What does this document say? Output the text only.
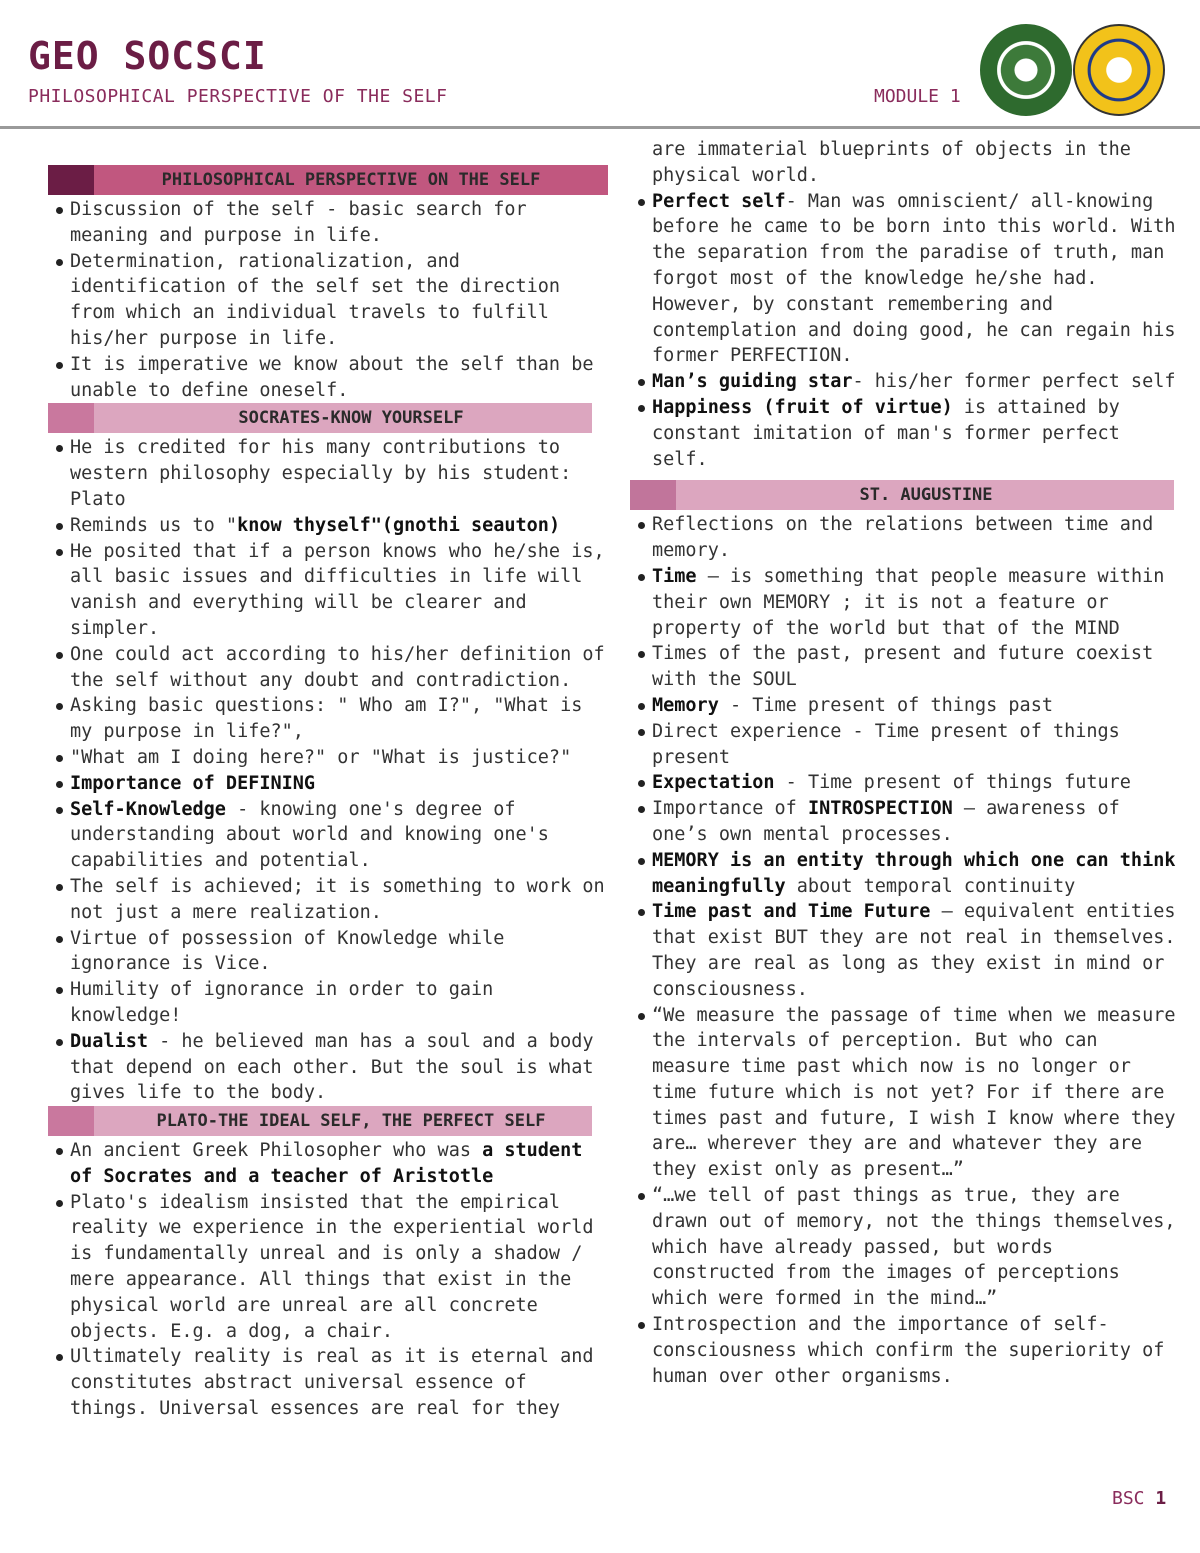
GEO SOCSCI
PHILOSOPHICAL PERSPECTIVE OF THE SELF	MODULE 1
PHILOSOPHICAL PERSPECTIVE ON THE SELF
Discussion of the self - basic search for meaning and purpose in life.
Determination, rationalization, and identification of the self set the direction from which an individual travels to fulfill his/her purpose in life.
It is imperative we know about the self than be unable to define oneself.
SOCRATES-KNOW YOURSELF
He is credited for his many contributions to western philosophy especially by his student: Plato
Reminds us to "know thyself"(gnothi seauton)
He posited that if a person knows who he/she is, all basic issues and difficulties in life will vanish and everything will be clearer and simpler.
One could act according to his/her definition of the self without any doubt and contradiction.
Asking basic questions: " Who am I?", "What is my purpose in life?",
"What am I doing here?" or "What is justice?"
Importance of DEFINING
Self-Knowledge - knowing one's degree of understanding about world and knowing one's capabilities and potential.
The self is achieved; it is something to work on not just a mere realization.
Virtue of possession of Knowledge while ignorance is Vice.
Humility of ignorance in order to gain knowledge!
Dualist - he believed man has a soul and a body that depend on each other. But the soul is what gives life to the body.
PLATO-THE IDEAL SELF, THE PERFECT SELF
An ancient Greek Philosopher who was a student of Socrates and a teacher of Aristotle
Plato's idealism insisted that the empirical reality we experience in the experiential world is fundamentally unreal and is only a shadow / mere appearance. All things that exist in the physical world are unreal are all concrete objects. E.g. a dog, a chair.
Ultimately reality is real as it is eternal and constitutes abstract universal essence of things. Universal essences are real for they
are immaterial blueprints of objects in the physical world.
Perfect self- Man was omniscient/ all-knowing before he came to be born into this world. With the separation from the paradise of truth, man forgot most of the knowledge he/she had. However, by constant remembering and contemplation and doing good, he can regain his former PERFECTION.
Man’s guiding star- his/her former perfect self
Happiness (fruit of virtue) is attained by constant imitation of man's former perfect self.
ST. AUGUSTINE
Reflections on the relations between time and memory.
Time – is something that people measure within their own MEMORY ; it is not a feature or property of the world but that of the MIND
Times of the past, present and future coexist with the SOUL
Memory - Time present of things past
Direct experience - Time present of things present
Expectation - Time present of things future
Importance of INTROSPECTION – awareness of one’s own mental processes.
MEMORY is an entity through which one can think meaningfully about temporal continuity
Time past and Time Future – equivalent entities that exist BUT they are not real in themselves. They are real as long as they exist in mind or consciousness.
“We measure the passage of time when we measure the intervals of perception. But who can measure time past which now is no longer or time future which is not yet? For if there are times past and future, I wish I know where they are… wherever they are and whatever they are they exist only as present…”
“…we tell of past things as true, they are drawn out of memory, not the things themselves, which have already passed, but words constructed from the images of perceptions which were formed in the mind…”
Introspection and the importance of self-consciousness which confirm the superiority of human over other organisms.
BSC 1
